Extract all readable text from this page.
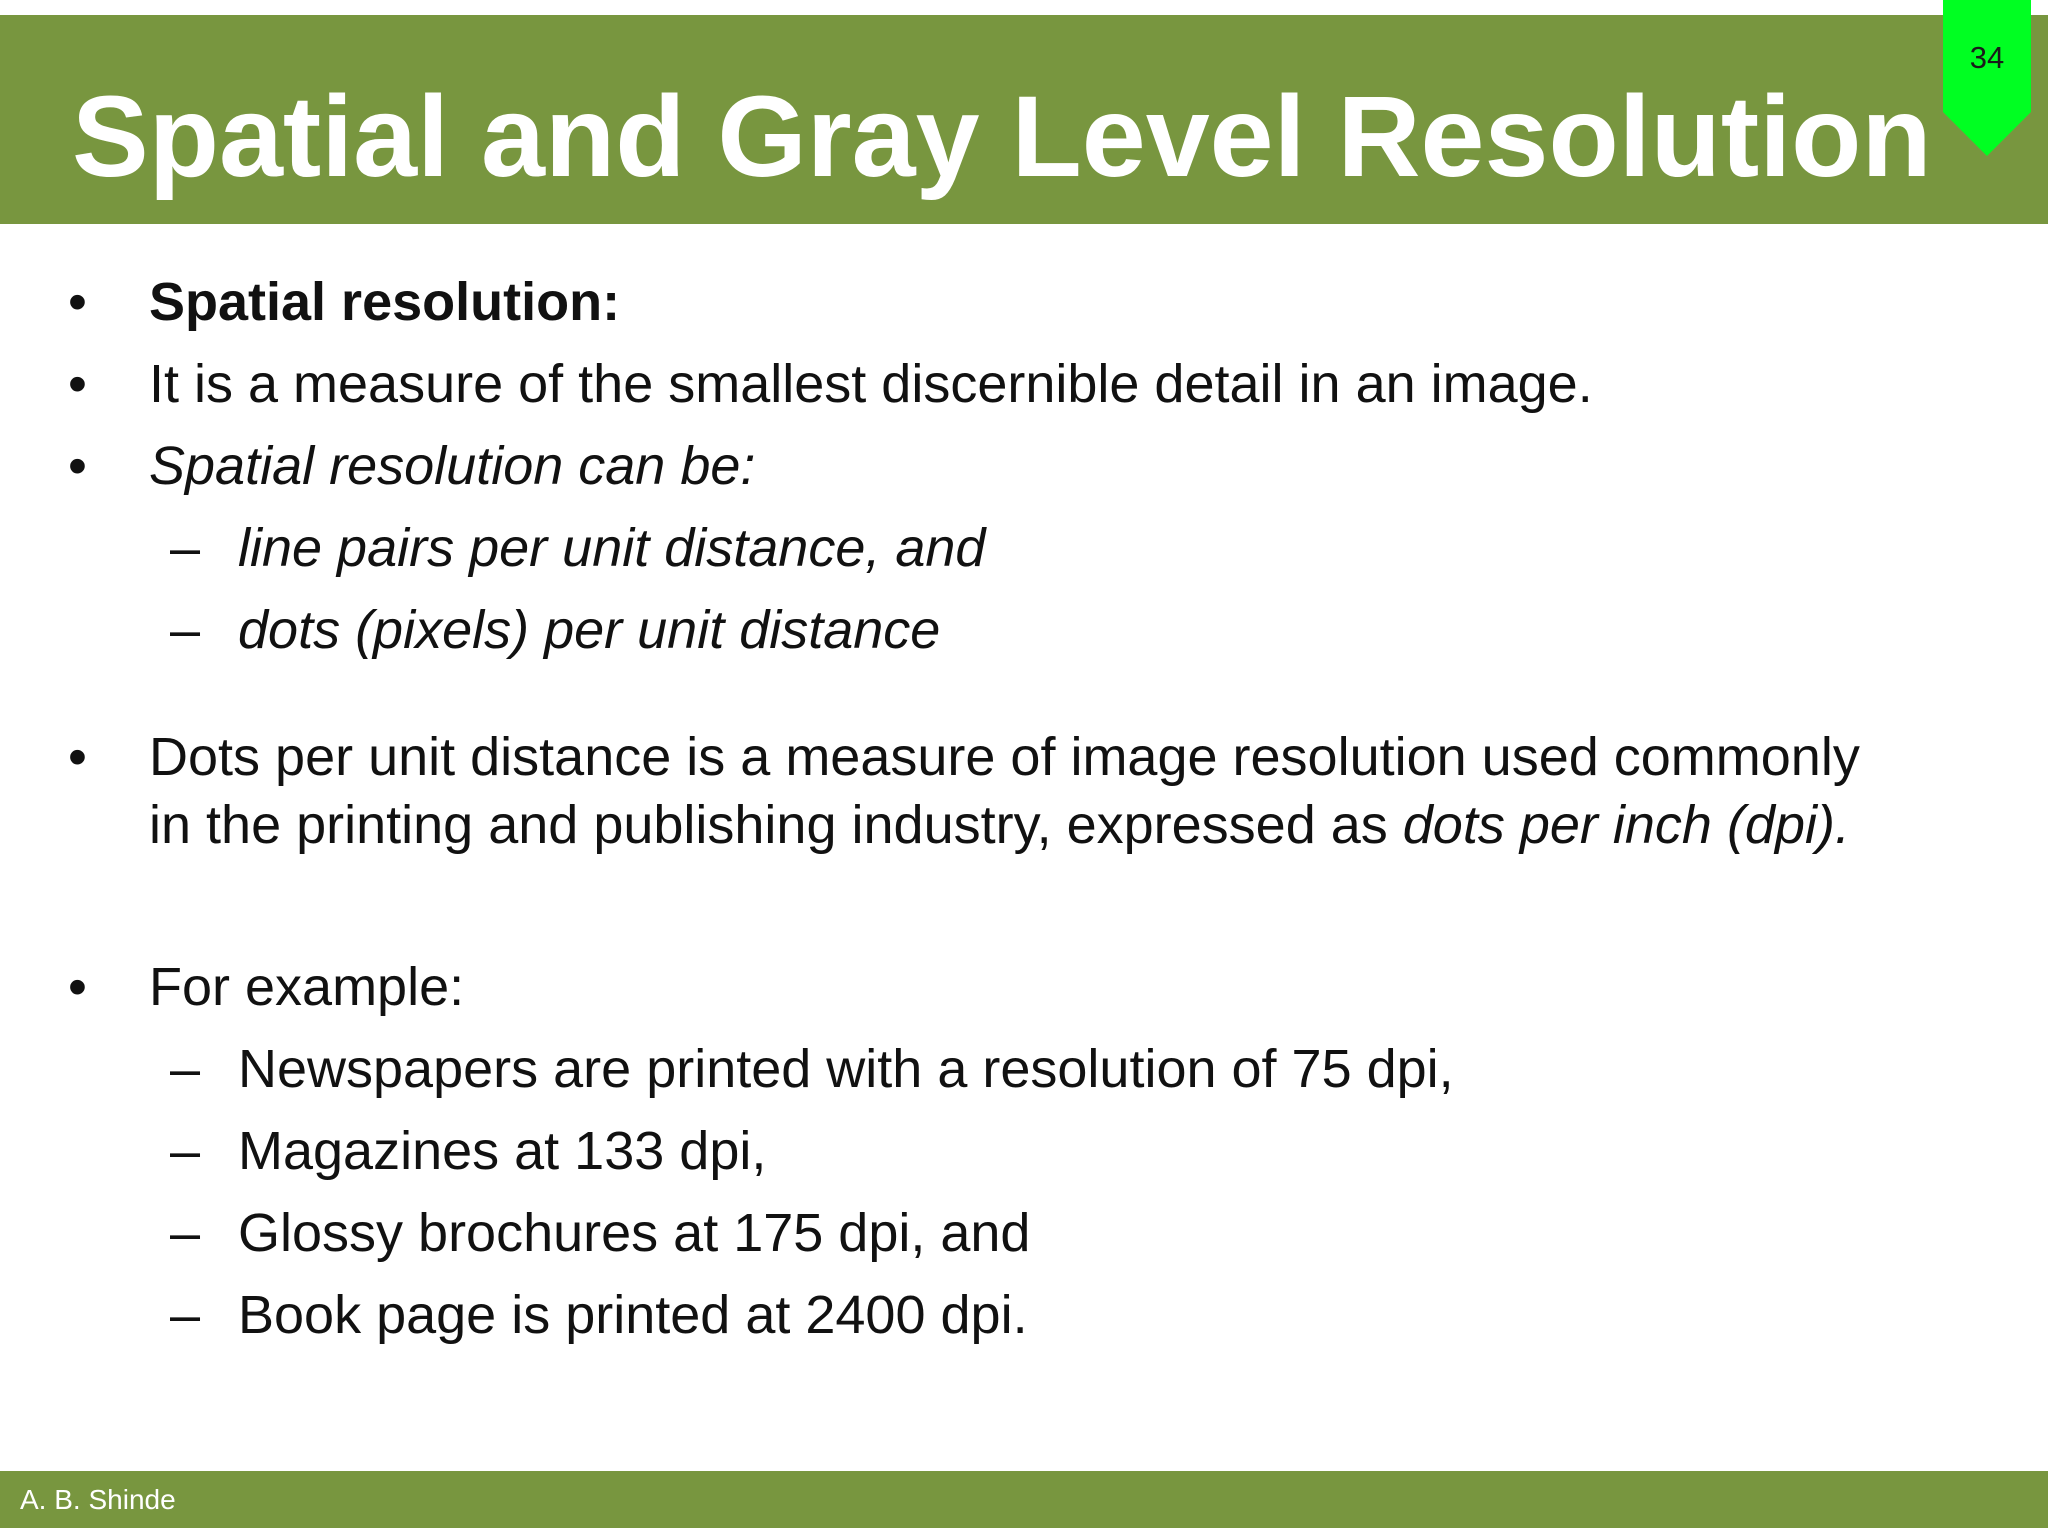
Spatial and Gray Level Resolution
34
• Spatial resolution:
• It is a measure of the smallest discernible detail in an image.
• Spatial resolution can be:
– line pairs per unit distance, and
– dots (pixels) per unit distance
• Dots per unit distance is a measure of image resolution used commonly
in the printing and publishing industry, expressed as dots per inch (dpi).
• For example:
– Newspapers are printed with a resolution of 75 dpi,
– Magazines at 133 dpi,
– Glossy brochures at 175 dpi, and
– Book page is printed at 2400 dpi.
A. B. Shinde
